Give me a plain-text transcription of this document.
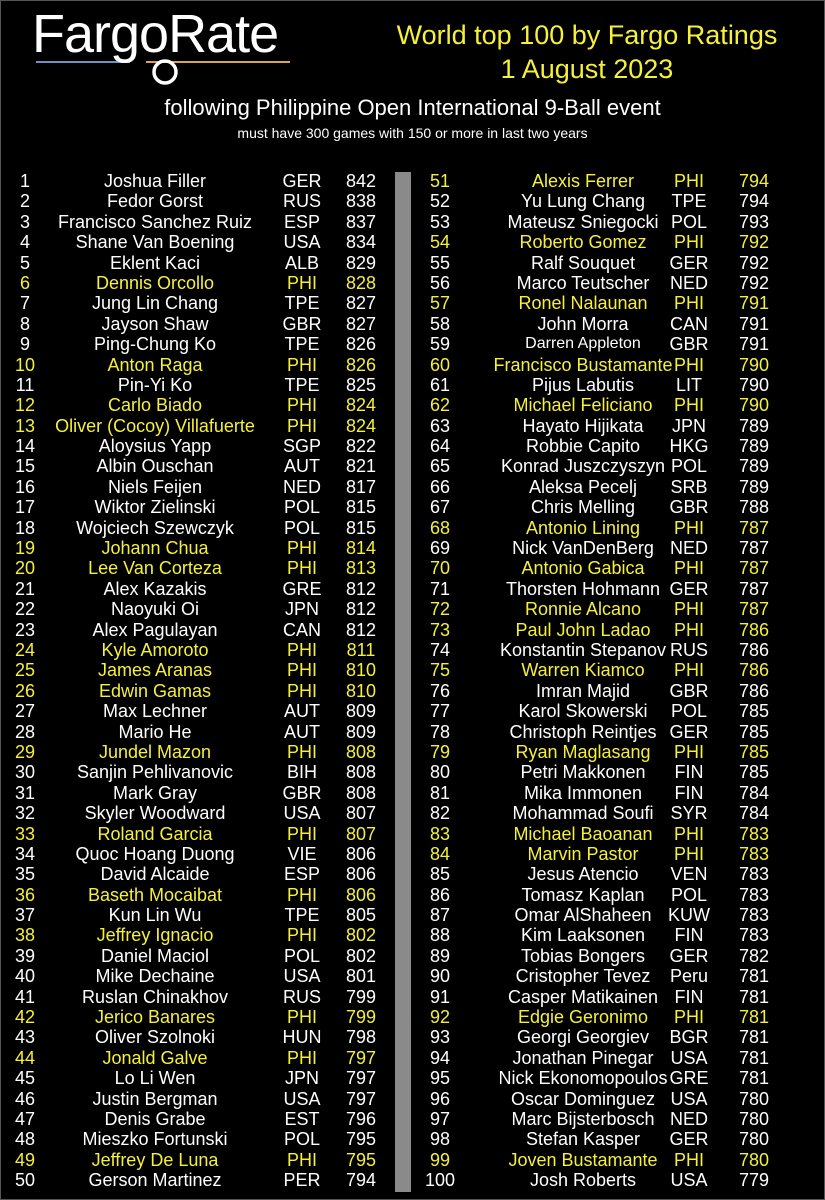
FargoRate	World top 100 by Fargo Ratings
1 August 2023
following Philippine Open International 9-Ball event
must have 300 games with 150 or more in last two years
1	Joshua Filler	GER	842
2	Fedor Gorst	RUS	838
3	Francisco Sanchez Ruiz	ESP	837
4	Shane Van Boening	USA	834
5	Eklent Kaci	ALB	829
6	Dennis Orcollo	PHI	828
7	Jung Lin Chang	TPE	827
8	Jayson Shaw	GBR	827
9	Ping-Chung Ko	TPE	826
10	Anton Raga	PHI	826
11	Pin-Yi Ko	TPE	825
12	Carlo Biado	PHI	824
13	Oliver (Cocoy) Villafuerte	PHI	824
14	Aloysius Yapp	SGP	822
15	Albin Ouschan	AUT	821
16	Niels Feijen	NED	817
17	Wiktor Zielinski	POL	815
18	Wojciech Szewczyk	POL	815
19	Johann Chua	PHI	814
20	Lee Van Corteza	PHI	813
21	Alex Kazakis	GRE	812
22	Naoyuki Oi	JPN	812
23	Alex Pagulayan	CAN	812
24	Kyle Amoroto	PHI	811
25	James Aranas	PHI	810
26	Edwin Gamas	PHI	810
27	Max Lechner	AUT	809
28	Mario He	AUT	809
29	Jundel Mazon	PHI	808
30	Sanjin Pehlivanovic	BIH	808
31	Mark Gray	GBR	808
32	Skyler Woodward	USA	807
33	Roland Garcia	PHI	807
34	Quoc Hoang Duong	VIE	806
35	David Alcaide	ESP	806
36	Baseth Mocaibat	PHI	806
37	Kun Lin Wu	TPE	805
38	Jeffrey Ignacio	PHI	802
39	Daniel Maciol	POL	802
40	Mike Dechaine	USA	801
41	Ruslan Chinakhov	RUS	799
42	Jerico Banares	PHI	799
43	Oliver Szolnoki	HUN	798
44	Jonald Galve	PHI	797
45	Lo Li Wen	JPN	797
46	Justin Bergman	USA	797
47	Denis Grabe	EST	796
48	Mieszko Fortunski	POL	795
49	Jeffrey De Luna	PHI	795
50	Gerson Martinez	PER	794
51	Alexis Ferrer	PHI	794
52	Yu Lung Chang	TPE	794
53	Mateusz Sniegocki POL	793
54	Roberto Gomez	PHI	792
55	Ralf Souquet	GER	792
56	Marco Teutscher	NED	792
57	Ronel Nalaunan	PHI	791
58	John Morra	CAN	791
59	Darren Appleton	GBR	791
60	Francisco Bustamante PHI	790
61	Pijus Labutis	LIT	790
62	Michael Feliciano	PHI	790
63	Hayato Hijikata	JPN	789
64	Robbie Capito	HKG	789
65	Konrad Juszczyszyn POL	789
66	Aleksa Pecelj	SRB	789
67	Chris Melling	GBR	788
68	Antonio Lining	PHI	787
69	Nick VanDenBerg NED	787
70	Antonio Gabica	PHI	787
71	Thorsten Hohmann GER	787
72	Ronnie Alcano	PHI	787
73	Paul John Ladao	PHI	786
74	Konstantin Stepanov RUS	786
75	Warren Kiamco	PHI	786
76	Imran Majid	GBR	786
77	Karol Skowerski	POL	785
78	Christoph Reintjes GER	785
79	Ryan Maglasang	PHI	785
80	Petri Makkonen	FIN	785
81	Mika Immonen	FIN	784
82	Mohammad Soufi SYR	784
83	Michael Baoanan	PHI	783
84	Marvin Pastor	PHI	783
85	Jesus Atencio	VEN	783
86	Tomasz Kaplan	POL	783
87	Omar AlShaheen KUW	783
88	Kim Laaksonen	FIN	783
89	Tobias Bongers	GER	782
90	Cristopher Tevez	Peru	781
91	Casper Matikainen FIN	781
92	Edgie Geronimo	PHI	781
93	Georgi Georgiev	BGR	781
94	Jonathan Pinegar USA	781
95	Nick Ekonomopoulos GRE	781
96	Oscar Dominguez USA	780
97	Marc Bijsterbosch NED	780
98	Stefan Kasper	GER	780
99	Joven Bustamante PHI	780
100	Josh Roberts	USA	779
